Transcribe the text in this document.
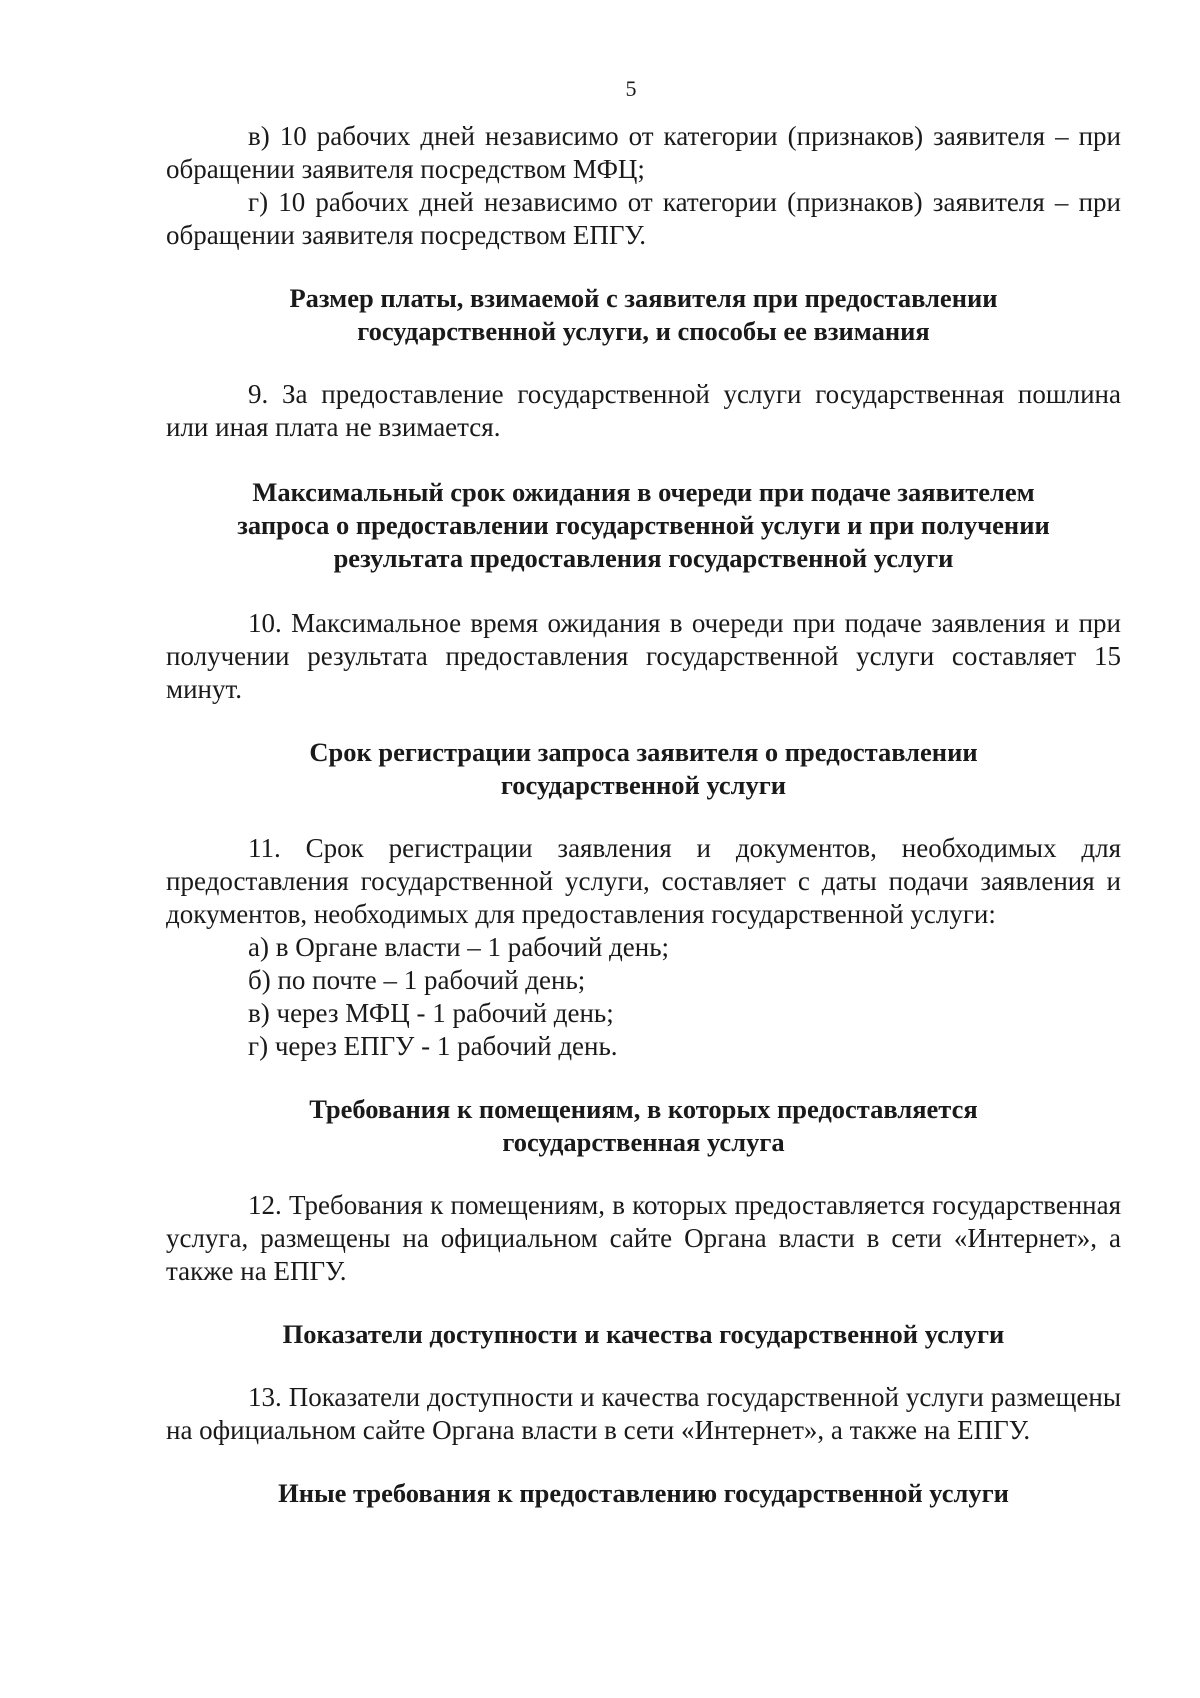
5

в) 10 рабочих дней независимо от категории (признаков) заявителя – при обращении заявителя посредством МФЦ;

г) 10 рабочих дней независимо от категории (признаков) заявителя – при обращении заявителя посредством ЕПГУ.

Размер платы, взимаемой с заявителя при предоставлении

государственной услуги, и способы ее взимания

9. За предоставление государственной услуги государственная пошлина или иная плата не взимается.

Максимальный срок ожидания в очереди при подаче заявителем

запроса о предоставлении государственной услуги и при получении

результата предоставления государственной услуги

10. Максимальное время ожидания в очереди при подаче заявления и при получении результата предоставления государственной услуги составляет 15 минут.

Срок регистрации запроса заявителя о предоставлении

государственной услуги

11. Срок регистрации заявления и документов, необходимых для предоставления государственной услуги, составляет с даты подачи заявления и документов, необходимых для предоставления государственной услуги:

а) в Органе власти – 1 рабочий день;

б) по почте – 1 рабочий день;

в) через МФЦ - 1 рабочий день;

г) через ЕПГУ - 1 рабочий день.

Требования к помещениям, в которых предоставляется

государственная услуга

12. Требования к помещениям, в которых предоставляется государственная услуга, размещены на официальном сайте Органа власти в сети «Интернет», а также на ЕПГУ.

Показатели доступности и качества государственной услуги

13. Показатели доступности и качества государственной услуги размещены на официальном сайте Органа власти в сети «Интернет», а также на ЕПГУ.

Иные требования к предоставлению государственной услуги
